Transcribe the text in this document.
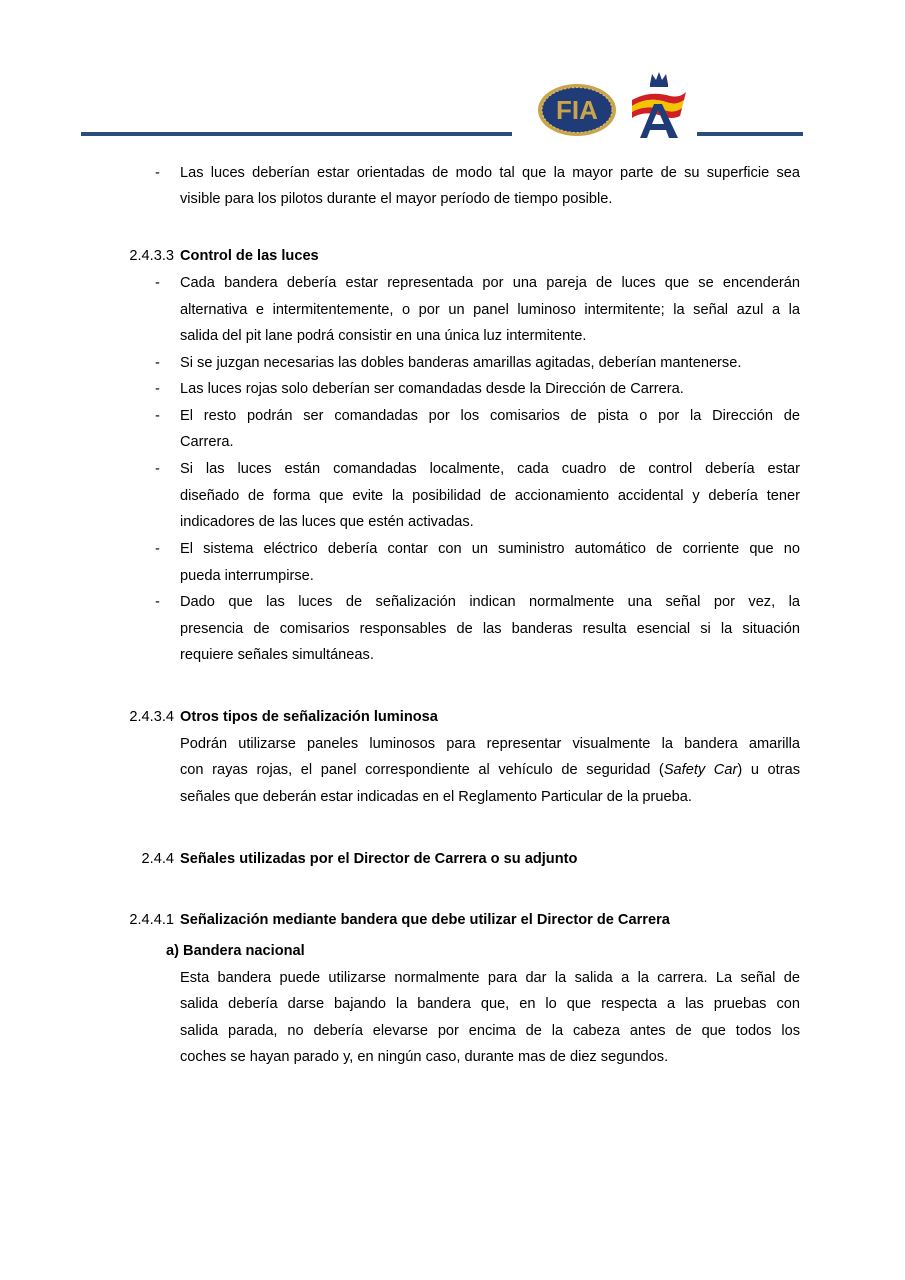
FIA
-	Las luces deberían estar orientadas de modo tal que la mayor parte de su superficie sea
visible para los pilotos durante el mayor período de tiempo posible.
2.4.3.3 Control de las luces
-	Cada bandera debería estar representada por una pareja de luces que se encenderán
alternativa e intermitentemente, o por un panel luminoso intermitente; la señal azul a la
salida del pit lane podrá consistir en una única luz intermitente.
-	Si se juzgan necesarias las dobles banderas amarillas agitadas, deberían mantenerse.
-	Las luces rojas solo deberían ser comandadas desde la Dirección de Carrera.
-	El resto podrán ser comandadas por los comisarios de pista o por la Dirección de
Carrera.
-	Si las luces están comandadas localmente, cada cuadro de control debería estar
diseñado de forma que evite la posibilidad de accionamiento accidental y debería tener
indicadores de las luces que estén activadas.
-	El sistema eléctrico debería contar con un suministro automático de corriente que no
pueda interrumpirse.
-	Dado que las luces de señalización indican normalmente una señal por vez, la
presencia de comisarios responsables de las banderas resulta esencial si la situación
requiere señales simultáneas.
2.4.3.4 Otros tipos de señalización luminosa
Podrán utilizarse paneles luminosos para representar visualmente la bandera amarilla
con rayas rojas, el panel correspondiente al vehículo de seguridad (Safety Car) u otras
señales que deberán estar indicadas en el Reglamento Particular de la prueba.
2.4.4 Señales utilizadas por el Director de Carrera o su adjunto
2.4.4.1 Señalización mediante bandera que debe utilizar el Director de Carrera
a) Bandera nacional
Esta bandera puede utilizarse normalmente para dar la salida a la carrera. La señal de
salida debería darse bajando la bandera que, en lo que respecta a las pruebas con
salida parada, no debería elevarse por encima de la cabeza antes de que todos los
coches se hayan parado y, en ningún caso, durante mas de diez segundos.
